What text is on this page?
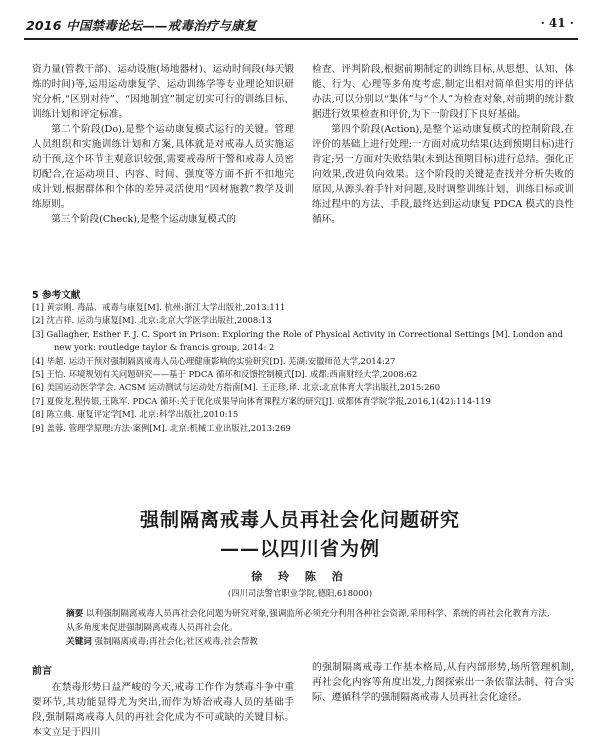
2016 中国禁毒论坛——戒毒治疗与康复	· 41 ·

资力量(管教干部)、运动设施(场地器材)、运动时间段(每天锻炼的时间)等,运用运动康复学、运动训练学等专业理论知识研究分析,“区别对待”、“因地制宜”制定切实可行的训练目标、训练计划和评定标准。

第二个阶段(Do),是整个运动康复模式运行的关键。管理人员组织和实施训练计划和方案,具体就是对戒毒人员实施运动干预,这个环节主观意识较强,需要戒毒所干警和戒毒人员密切配合,在运动项目、内容、时间、强度等方面不折不扣地完成计划,根据群体和个体的差异灵活使用“因材施教”教学及训练原则。

第三个阶段(Check),是整个运动康复模式的

检查、评判阶段,根据前期制定的训练目标,从思想、认知、体能、行为、心理等多角度考虑,制定出相对简单但实用的评估办法,可以分别以“集体”与“个人”为检查对象,对前期的统计数据进行效果检查和评价,为下一阶段打下良好基础。

第四个阶段(Action),是整个运动康复模式的控制阶段,在评价的基础上进行处理:一方面对成功结果(达到预期目标)进行肯定;另一方面对失败结果(未到达预期目标)进行总结。强化正向效果,改进负向效果。这个阶段的关键是查找并分析失败的原因,从源头着手针对问题,及时调整训练计划、训练目标或训练过程中的方法、手段,最终达到运动康复 PDCA 模式的良性循环。

5 参考文献
[1] 黄宗刚. 毒品、戒毒与康复[M]. 杭州:浙江大学出版社,2013:111
[2] 沈吉祥. 运动与康复[M]. 北京:北京大学医学出版社,2008:13
[3] Gallagher, Esther F. J. C. Sport in Prison: Exploring the Role of Physical Activity in Correctional Settings [M]. London and new york: routledge taylor & francis group, 2014: 2
[4] 毕超. 运动干预对强制隔离戒毒人员心理健康影响的实验研究[D]. 芜湖:安徽师范大学,2014:27
[5] 王怡. 环境规划有关问题研究——基于 PDCA 循环和反馈控制模式[D]. 成都:西南财经大学,2008:62
[6] 美国运动医学学会. ACSM 运动测试与运动处方指南[M]. 王正珍,译. 北京:北京体育大学出版社,2015:260
[7] 夏俊龙,程传银,王陈军. PDCA 循环:关于优化成果导向体育课程方案的研究[J]. 成都体育学院学报,2016,1(42):114-119
[8] 陈立典. 康复评定学[M]. 北京:科学出版社,2010:15
[9] 盖蓉. 管理学原理:方法·案例[M]. 北京:机械工业出版社,2013:269
强制隔离戒毒人员再社会化问题研究
——以四川省为例
徐 玲 陈 治
(四川司法警官职业学院,德阳,618000)
摘要 以利强制隔离戒毒人员再社会化问题为研究对象,强调监所必须充分利用各种社会资源,采用科学、系统的再社会化教育方法,从多角度来促进强制隔离戒毒人员再社会化。
关键词 强制隔离戒毒;再社会化;社区戒毒;社会帮教
前言

在禁毒形势日益严峻的今天,戒毒工作作为禁毒斗争中重要环节,其功能显得尤为突出,而作为矫治戒毒人员的基础手段,强制隔离戒毒人员的再社会化成为不可或缺的关键目标。本文立足于四川

的强制隔离戒毒工作基本格局,从有内部形势,场所管理机制,再社会化内容等角度出发,力图探索出一条依靠法制、符合实际、遵循科学的强制隔离戒毒人员再社会化途径。
